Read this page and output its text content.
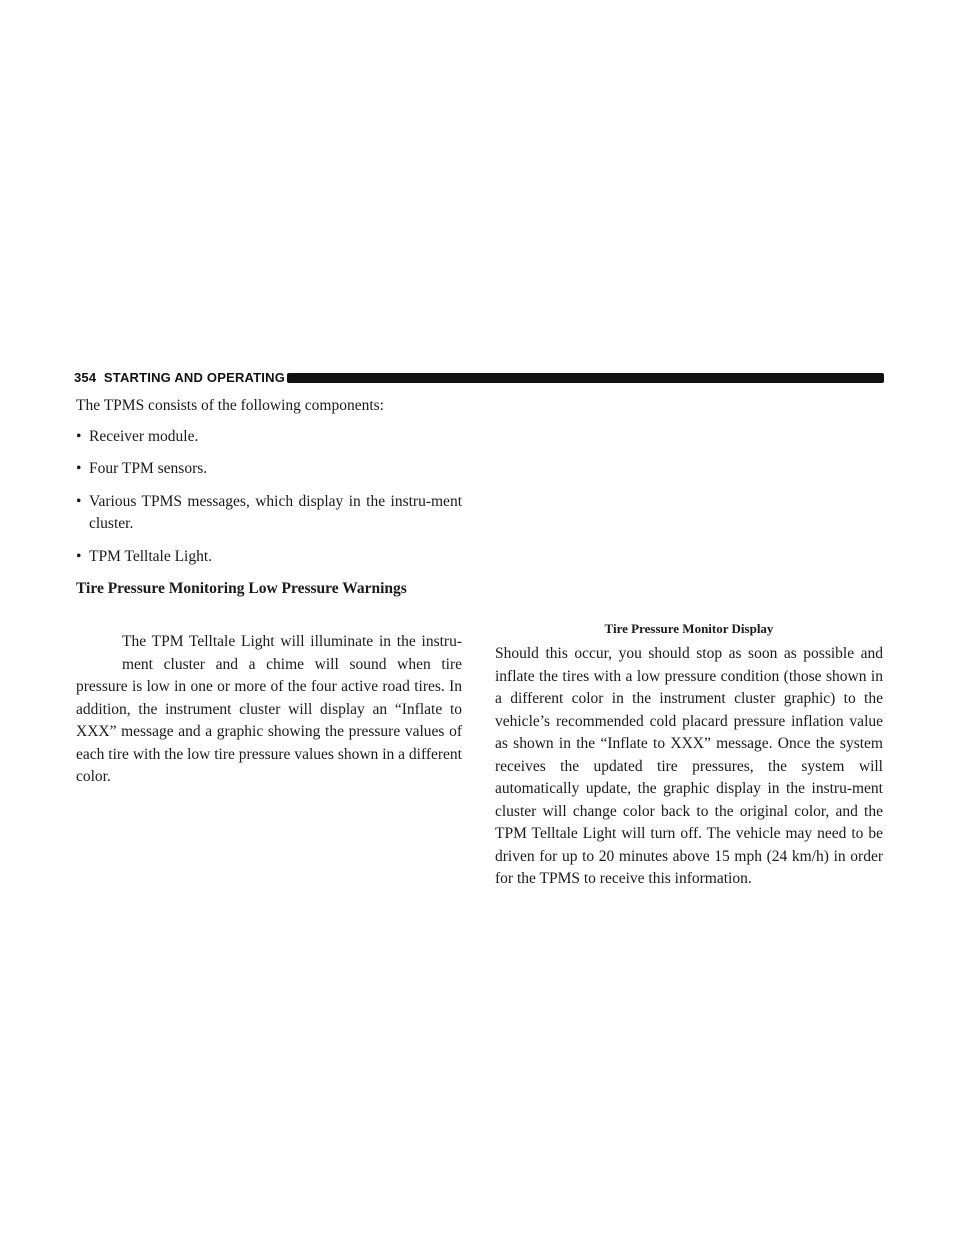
354 STARTING AND OPERATING

The TPMS consists of the following components:

• Receiver module.
• Four TPM sensors.
• Various TPMS messages, which display in the instru-ment cluster.
• TPM Telltale Light.
Tire Pressure Monitoring Low Pressure Warnings

The TPM Telltale Light will illuminate in the instru-ment cluster and a chime will sound when tire pressure is low in one or more of the four active road tires. In addition, the instrument cluster will display an “Inflate to XXX” message and a graphic showing the pressure values of each tire with the low tire pressure values shown in a different color.

Tire Pressure Monitor Display

Should this occur, you should stop as soon as possible and inflate the tires with a low pressure condition (those shown in a different color in the instrument cluster graphic) to the vehicle’s recommended cold placard pressure inflation value as shown in the “Inflate to XXX” message. Once the system receives the updated tire pressures, the system will automatically update, the graphic display in the instru-ment cluster will change color back to the original color, and the TPM Telltale Light will turn off. The vehicle may need to be driven for up to 20 minutes above 15 mph (24 km/h) in order for the TPMS to receive this information.
